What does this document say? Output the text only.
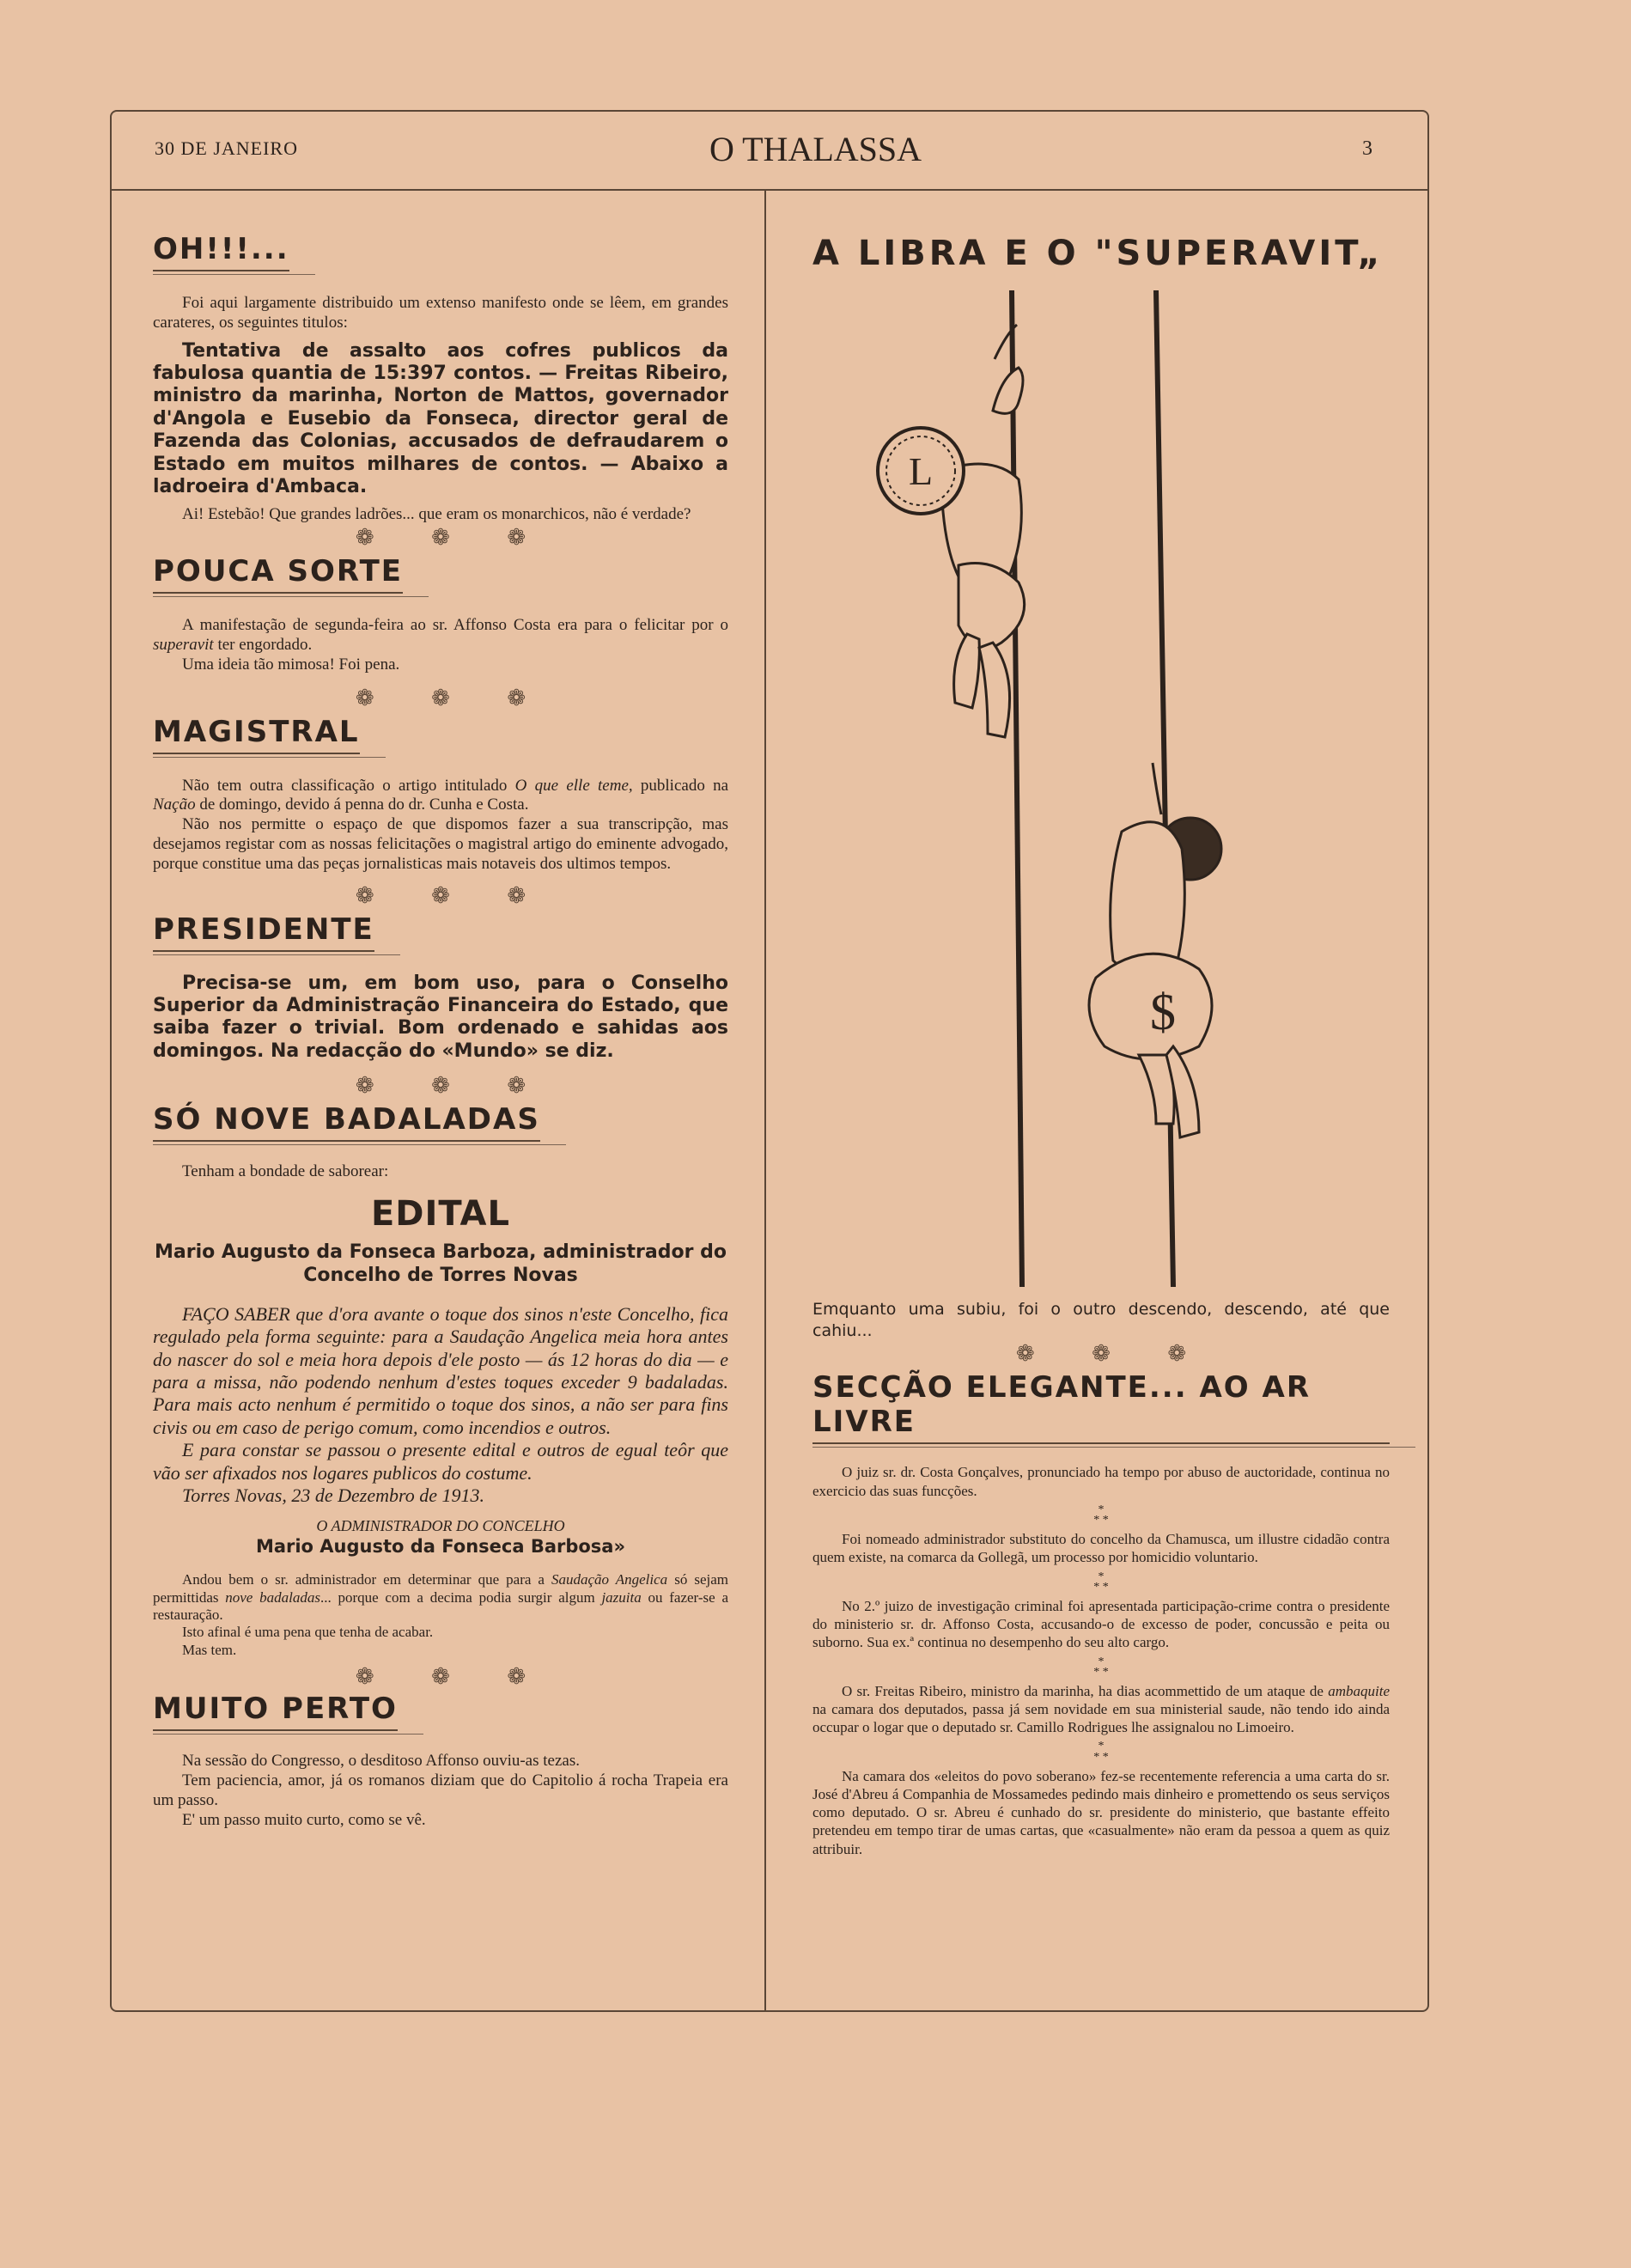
30 DE JANEIRO	O THALASSA	3
OH!!!...

Foi aqui largamente distribuido um extenso manifesto onde se lêem, em grandes carateres, os seguintes titulos:

Tentativa de assalto aos cofres publicos da fabulosa quantia de 15:397 contos. — Freitas Ribeiro, ministro da marinha, Norton de Mattos, governador d'Angola e Eusebio da Fonseca, director geral de Fazenda das Colonias, accusados de defraudarem o Estado em muitos milhares de contos. — Abaixo a ladroeira d'Ambaca.

Ai! Estebão! Que grandes ladrões... que eram os monarchicos, não é verdade?

❁ ❁ ❁
POUCA SORTE

A manifestação de segunda-feira ao sr. Affonso Costa era para o felicitar por o superavit ter engordado.

Uma ideia tão mimosa! Foi pena.

❁ ❁ ❁
MAGISTRAL

Não tem outra classificação o artigo intitulado O que elle teme, publicado na Nação de domingo, devido á penna do dr. Cunha e Costa.

Não nos permitte o espaço de que dispomos fazer a sua transcripção, mas desejamos registar com as nossas felicitações o magistral artigo do eminente advogado, porque constitue uma das peças jornalisticas mais notaveis dos ultimos tempos.

❁ ❁ ❁
PRESIDENTE

Precisa-se um, em bom uso, para o Conselho Superior da Administração Financeira do Estado, que saiba fazer o trivial. Bom ordenado e sahidas aos domingos. Na redacção do «Mundo» se diz.

❁ ❁ ❁
SÓ NOVE BADALADAS

Tenham a bondade de saborear:

EDITAL
Mario Augusto da Fonseca Barboza, administrador do Concelho de Torres Novas

FAÇO SABER que d'ora avante o toque dos sinos n'este Concelho, fica regulado pela forma seguinte: para a Saudação Angelica meia hora antes do nascer do sol e meia hora depois d'ele posto — ás 12 horas do dia — e para a missa, não podendo nenhum d'estes toques exceder 9 badaladas. Para mais acto nenhum é permitido o toque dos sinos, a não ser para fins civis ou em caso de perigo comum, como incendios e outros.

E para constar se passou o presente edital e outros de egual teôr que vão ser afixados nos logares publicos do costume.

Torres Novas, 23 de Dezembro de 1913.

O ADMINISTRADOR DO CONCELHO

Mario Augusto da Fonseca Barbosa»

Andou bem o sr. administrador em determinar que para a Saudação Angelica só sejam permittidas nove badaladas... porque com a decima podia surgir algum jazuita ou fazer-se a restauração.

Isto afinal é uma pena que tenha de acabar.

Mas tem.

❁ ❁ ❁
MUITO PERTO

Na sessão do Congresso, o desditoso Affonso ouviu-as tezas.

Tem paciencia, amor, já os romanos diziam que do Capitolio á rocha Trapeia era um passo.

E' um passo muito curto, como se vê.

A LIBRA E O "SUPERAVIT„
L
$

Emquanto uma subiu, foi o outro descendo, descendo, até que cahiu...

❁ ❁ ❁
SECÇÃO ELEGANTE... AO AR LIVRE

O juiz sr. dr. Costa Gonçalves, pronunciado ha tempo por abuso de auctoridade, continua no exercicio das suas funcções.

*
* *

Foi nomeado administrador substituto do concelho da Chamusca, um illustre cidadão contra quem existe, na comarca da Gollegã, um processo por homicidio voluntario.

*
* *

No 2.º juizo de investigação criminal foi apresentada participação-crime contra o presidente do ministerio sr. dr. Affonso Costa, accusando-o de excesso de poder, concussão e peita ou suborno. Sua ex.ª continua no desempenho do seu alto cargo.

*
* *

O sr. Freitas Ribeiro, ministro da marinha, ha dias acommettido de um ataque de ambaquite na camara dos deputados, passa já sem novidade em sua ministerial saude, não tendo ido ainda occupar o logar que o deputado sr. Camillo Rodrigues lhe assignalou no Limoeiro.

*
* *

Na camara dos «eleitos do povo soberano» fez-se recentemente referencia a uma carta do sr. José d'Abreu á Companhia de Mossamedes pedindo mais dinheiro e promettendo os seus serviços como deputado. O sr. Abreu é cunhado do sr. presidente do ministerio, que bastante effeito pretendeu em tempo tirar de umas cartas, que «casualmente» não eram da pessoa a quem as quiz attribuir.
